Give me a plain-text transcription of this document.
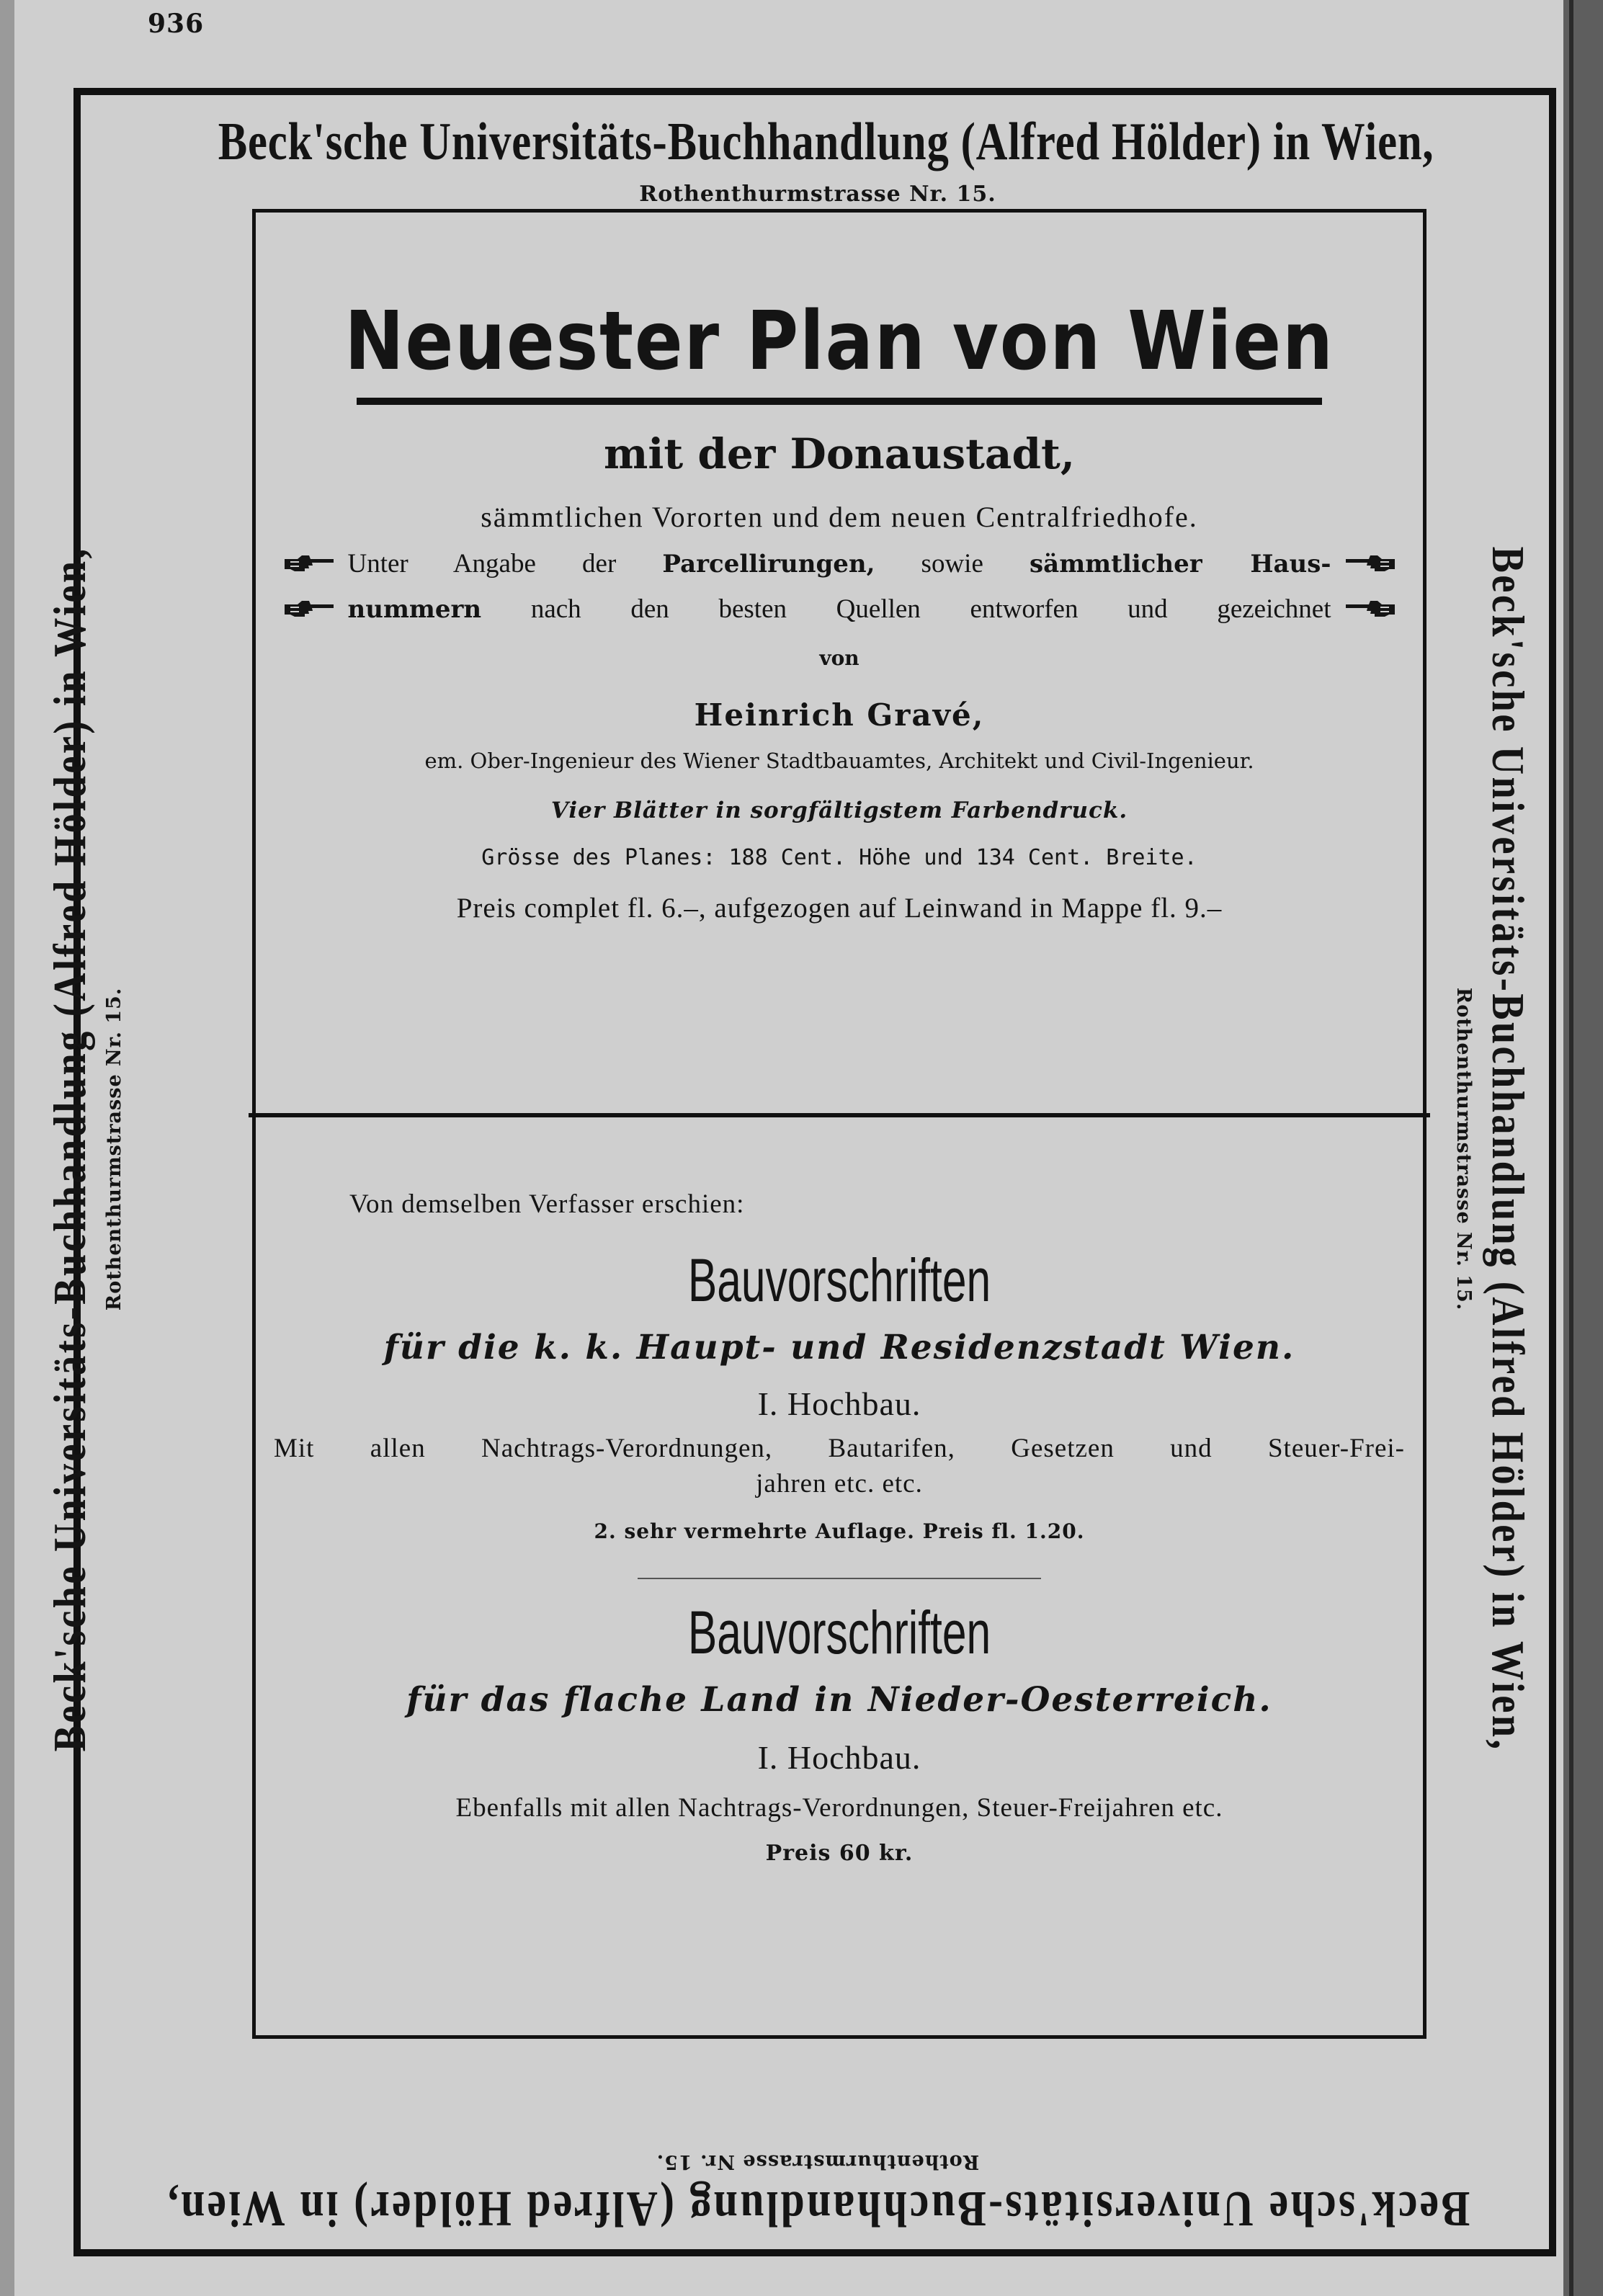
936
Beck'sche Universitäts-Buchhandlung (Alfred Hölder) in Wien,
Rothenthurmstrasse Nr. 15.
Beck'sche Universitäts-Buchhandlung (Alfred Hölder) in Wien, Rothenthurmstrasse Nr. 15.	Beck'sche Universitäts-Buchhandlung (Alfred Hölder) in Wien,
Rothenthurmstrasse Nr. 15.
Beck'sche Universitäts-Buchhandlung (Alfred Hölder) in Wien,
Rothenthurmstrasse Nr. 15.
Neuester Plan von Wien
mit der Donaustadt,
sämmtlichen Vororten und dem neuen Centralfriedhofe.
Unter Angabe der Parcellirungen, sowie sämmtlicher Haus-
nummern nach den besten Quellen entworfen und gezeichnet
von
Heinrich Gravé,
em. Ober-Ingenieur des Wiener Stadtbauamtes, Architekt und Civil-Ingenieur.
Vier Blätter in sorgfältigstem Farbendruck.
Grösse des Planes: 188 Cent. Höhe und 134 Cent. Breite.
Preis complet fl. 6.–, aufgezogen auf Leinwand in Mappe fl. 9.–
Von demselben Verfasser erschien:
Bauvorschriften
für die k. k. Haupt- und Residenzstadt Wien.
I. Hochbau.
Mit allen Nachtrags-Verordnungen, Bautarifen, Gesetzen und Steuer-Frei-
jahren etc. etc.
2. sehr vermehrte Auflage. Preis fl. 1.20.
Bauvorschriften
für das flache Land in Nieder-Oesterreich.
I. Hochbau.
Ebenfalls mit allen Nachtrags-Verordnungen, Steuer-Freijahren etc.
Preis 60 kr.
